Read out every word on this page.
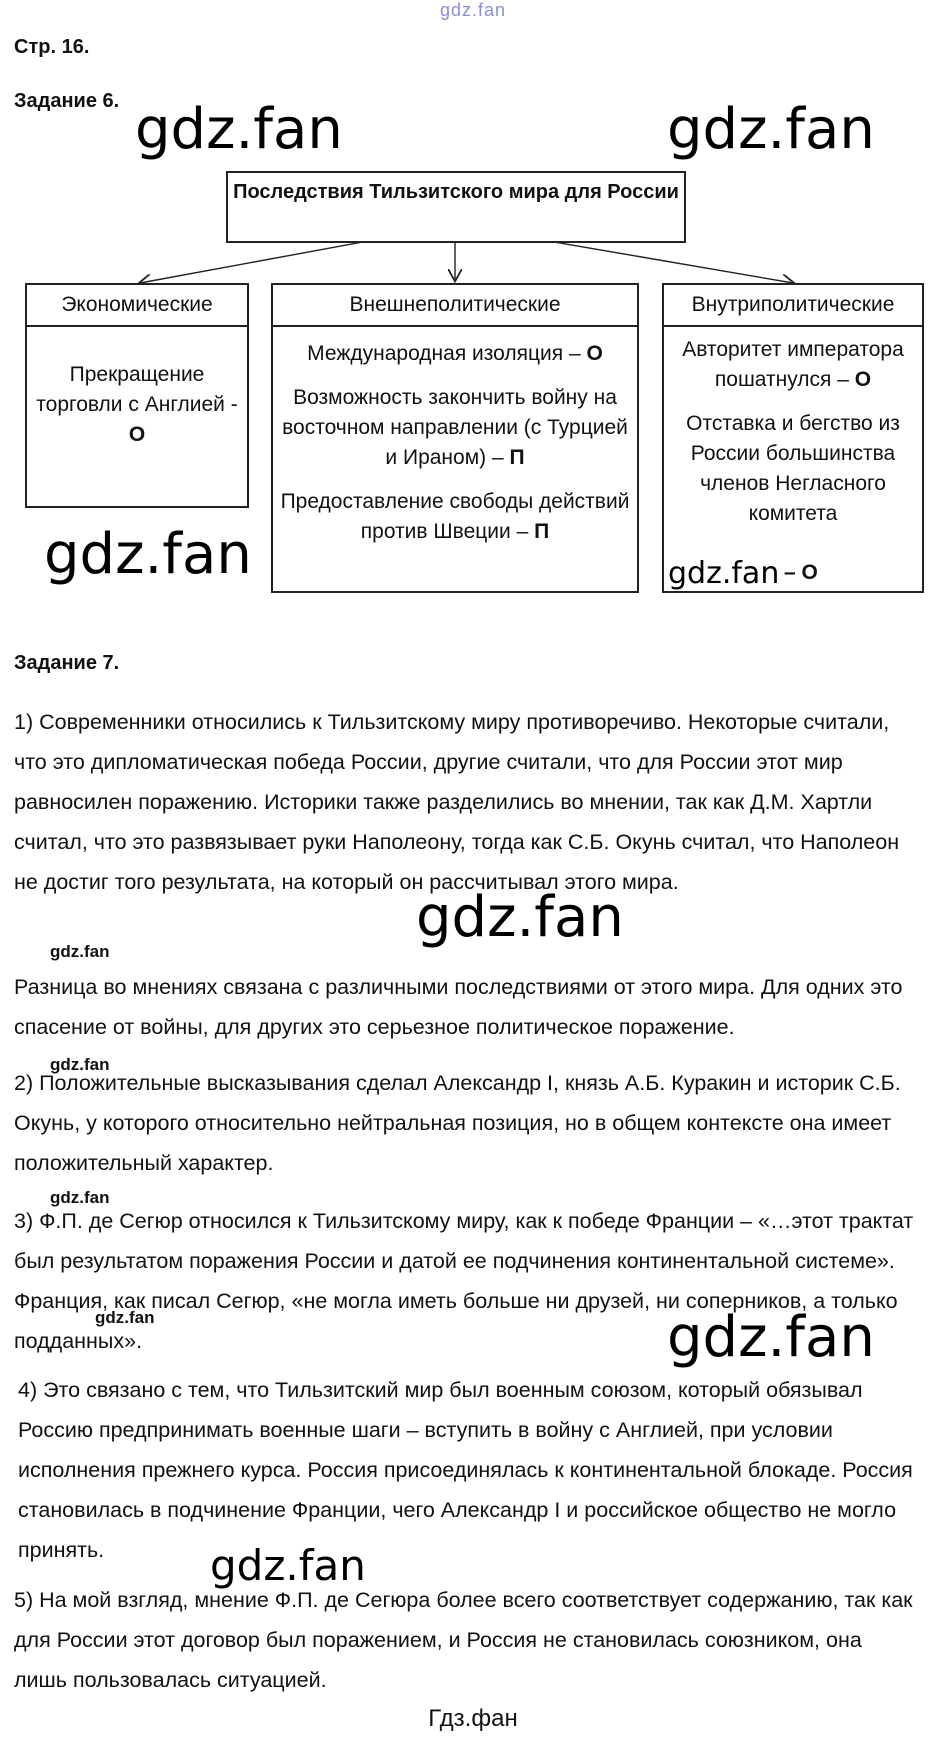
gdz.fan
Стр. 16.
Задание 6.
Последствия Тильзитского мира для России
Экономические

Прекращение торговли с Англией - О

Внешнеполитические

Международная изоляция – О

Возможность закончить войну на восточном направлении (с Турцией и Ираном) – П

Предоставление свободы действий против Швеции – П

Внутриполитические

Авторитет императора пошатнулся – О

Отставка и бегство из России большинства членов Негласного комитета

– О
Задание 7.

1) Современники относились к Тильзитскому миру противоречиво. Некоторые считали, что это дипломатическая победа России, другие считали, что для России этот мир равносилен поражению. Историки также разделились во мнении, так как Д.М. Хартли считал, что это развязывает руки Наполеону, тогда как С.Б. Окунь считал, что Наполеон не достиг того результата, на который он рассчитывал этого мира.

Разница во мнениях связана с различными последствиями от этого мира. Для одних это спасение от войны, для других это серьезное политическое поражение.

2) Положительные высказывания сделал Александр I, князь А.Б. Куракин и историк С.Б. Окунь, у которого относительно нейтральная позиция, но в общем контексте она имеет положительный характер.

3) Ф.П. де Сегюр относился к Тильзитскому миру, как к победе Франции – «…этот трактат был результатом поражения России и датой ее подчинения континентальной системе». Франция, как писал Сегюр, «не могла иметь больше ни друзей, ни соперников, а только подданных».

4) Это связано с тем, что Тильзитский мир был военным союзом, который обязывал Россию предпринимать военные шаги – вступить в войну с Англией, при условии исполнения прежнего курса. Россия присоединялась к континентальной блокаде. Россия становилась в подчинение Франции, чего Александр I и российское общество не могло принять.

5) На мой взгляд, мнение Ф.П. де Сегюра более всего соответствует содержанию, так как для России этот договор был поражением, и Россия не становилась союзником, она лишь пользовалась ситуацией.

gdz.fan	gdz.fan
gdz.fan
gdz.fan
gdz.fan
gdz.fan
gdz.fan
gdz.fan
gdz.fan
gdz.fan
gdz.fan
Гдз.фан
